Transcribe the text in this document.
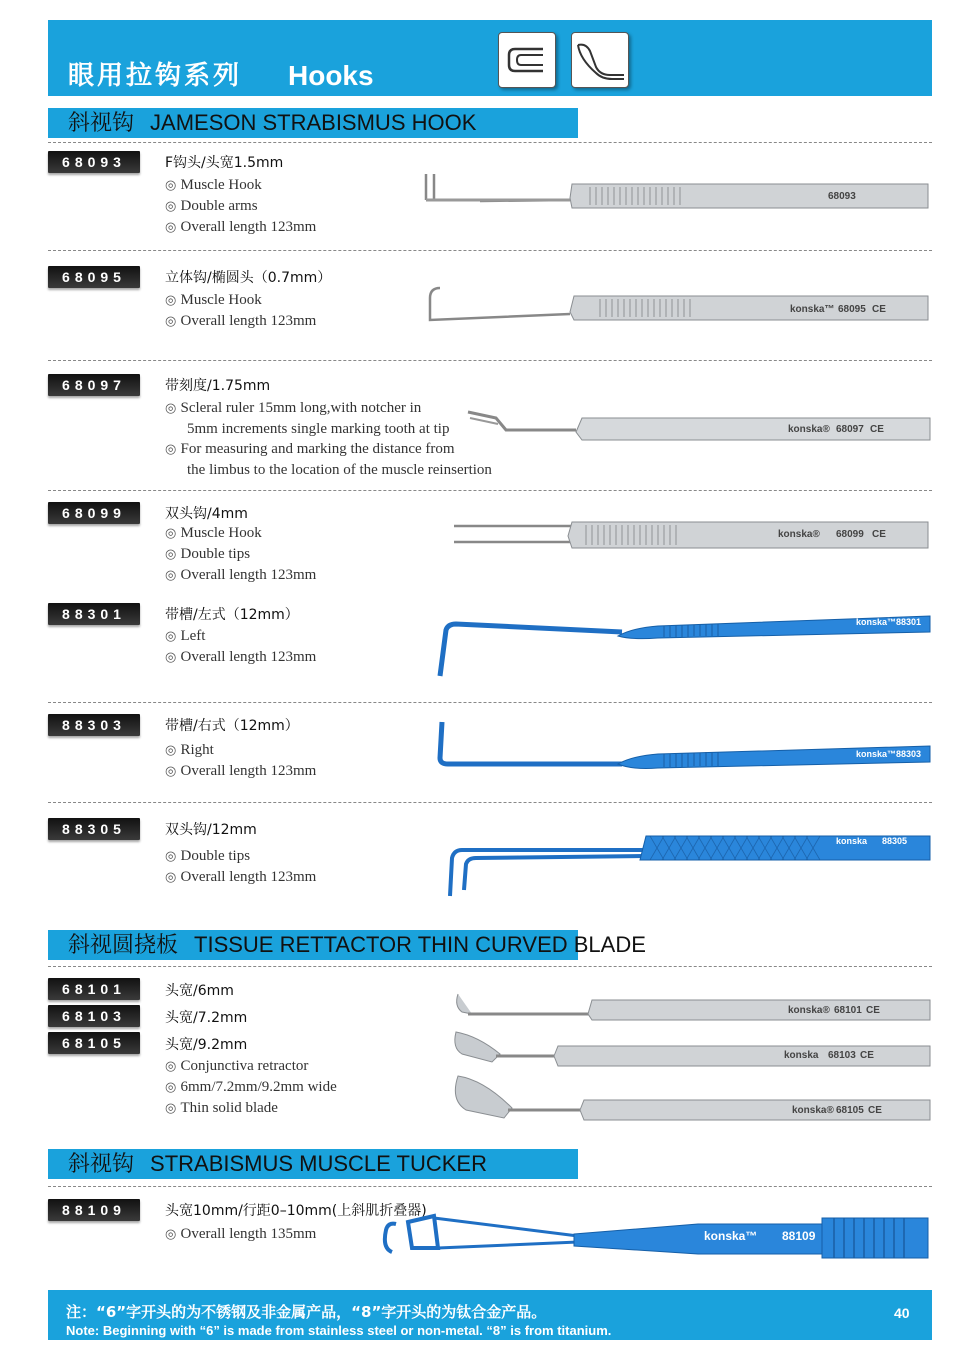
眼用拉钩系列 Hooks
斜视钩 JAMESON STRABISMUS HOOK
68093	F钩头/头宽1.5mm
◎ Muscle Hook
◎ Double arms
◎ Overall length 123mm
68093
68095	立体钩/椭圆头（0.7mm）
◎ Muscle Hook
◎ Overall length 123mm
konska™ 68095 CE
68097	带刻度/1.75mm
◎ Scleral ruler 15mm long,with notcher in
5mm increments single marking tooth at tip
◎ For measuring and marking the distance from
the limbus to the location of the muscle reinsertion
konska® 68097 CE
68099	双头钩/4mm
◎ Muscle Hook
◎ Double tips
◎ Overall length 123mm
konska® 68099 CE
88301	带槽/左式（12mm）
◎ Left
◎ Overall length 123mm
konska™ 88301
88303	带槽/右式（12mm）
◎ Right
◎ Overall length 123mm
konska™ 88303
88305	双头钩/12mm
◎ Double tips
◎ Overall length 123mm
konska 88305
斜视圆挠板 TISSUE RETTACTOR THIN CURVED BLADE
68101	头宽/6mm
68103	头宽/7.2mm
68105	头宽/9.2mm
◎ Conjunctiva retractor
◎ 6mm/7.2mm/9.2mm wide
◎ Thin solid blade
konska® 68101 CE
konska 68103 CE
konska® 68105 CE
斜视钩 STRABISMUS MUSCLE TUCKER
88109	头宽10mm/行距0–10mm(上斜肌折叠器)
◎ Overall length 135mm	konska™ 88109
注：“6”字开头的为不锈钢及非金属产品，“8”字开头的为钛合金产品。
Note: Beginning with “6” is made from stainless steel or non-metal. “8” is from titanium.
40
